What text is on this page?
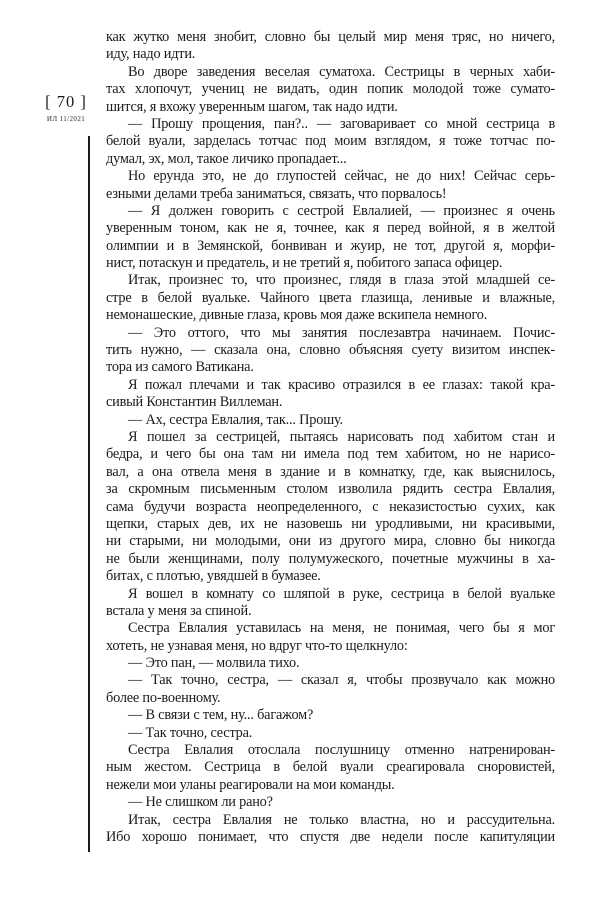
[ 70 ]
ИЛ 11/2021
как жутко меня знобит, словно бы целый мир меня тряс, но ничего,
иду, надо идти.
Во дворе заведения веселая суматоха. Сестрицы в черных хаби-
тах хлопочут, учениц не видать, один попик молодой тоже сумато-
шится, я вхожу уверенным шагом, так надо идти.
— Прошу прощения, пан?.. — заговаривает со мной сестрица в
белой вуали, зарделась тотчас под моим взглядом, я тоже тотчас по-
думал, эх, мол, такое личико пропадает...
Но ерунда это, не до глупостей сейчас, не до них! Сейчас серь-
езными делами треба заниматься, связать, что порвалось!
— Я должен говорить с сестрой Евлалией, — произнес я очень
уверенным тоном, как не я, точнее, как я перед войной, я в желтой
олимпии и в Земянской, бонвиван и жуир, не тот, другой я, морфи-
нист, потаскун и предатель, и не третий я, побитого запаса офицер.
Итак, произнес то, что произнес, глядя в глаза этой младшей се-
стре в белой вуальке. Чайного цвета глазища, ленивые и влажные,
немонашеские, дивные глаза, кровь моя даже вскипела немного.
— Это оттого, что мы занятия послезавтра начинаем. Почис-
тить нужно, — сказала она, словно объясняя суету визитом инспек-
тора из самого Ватикана.
Я пожал плечами и так красиво отразился в ее глазах: такой кра-
сивый Константин Виллеман.
— Ах, сестра Евлалия, так... Прошу.
Я пошел за сестрицей, пытаясь нарисовать под хабитом стан и
бедра, и чего бы она там ни имела под тем хабитом, но не нарисо-
вал, а она отвела меня в здание и в комнатку, где, как выяснилось,
за скромным письменным столом изволила рядить сестра Евлалия,
сама будучи возраста неопределенного, с неказистостью сухих, как
щепки, старых дев, их не назовешь ни уродливыми, ни красивыми,
ни старыми, ни молодыми, они из другого мира, словно бы никогда
не были женщинами, полу полумужеского, почетные мужчины в ха-
битах, с плотью, увядшей в бумазее.
Я вошел в комнату со шляпой в руке, сестрица в белой вуальке
встала у меня за спиной.
Сестра Евлалия уставилась на меня, не понимая, чего бы я мог
хотеть, не узнавая меня, но вдруг что-то щелкнуло:
— Это пан, — молвила тихо.
— Так точно, сестра, — сказал я, чтобы прозвучало как можно
более по-военному.
— В связи с тем, ну... багажом?
— Так точно, сестра.
Сестра Евлалия отослала послушницу отменно натренирован-
ным жестом. Сестрица в белой вуали среагировала сноровистей,
нежели мои уланы реагировали на мои команды.
— Не слишком ли рано?
Итак, сестра Евлалия не только властна, но и рассудительна.
Ибо хорошо понимает, что спустя две недели после капитуляции
